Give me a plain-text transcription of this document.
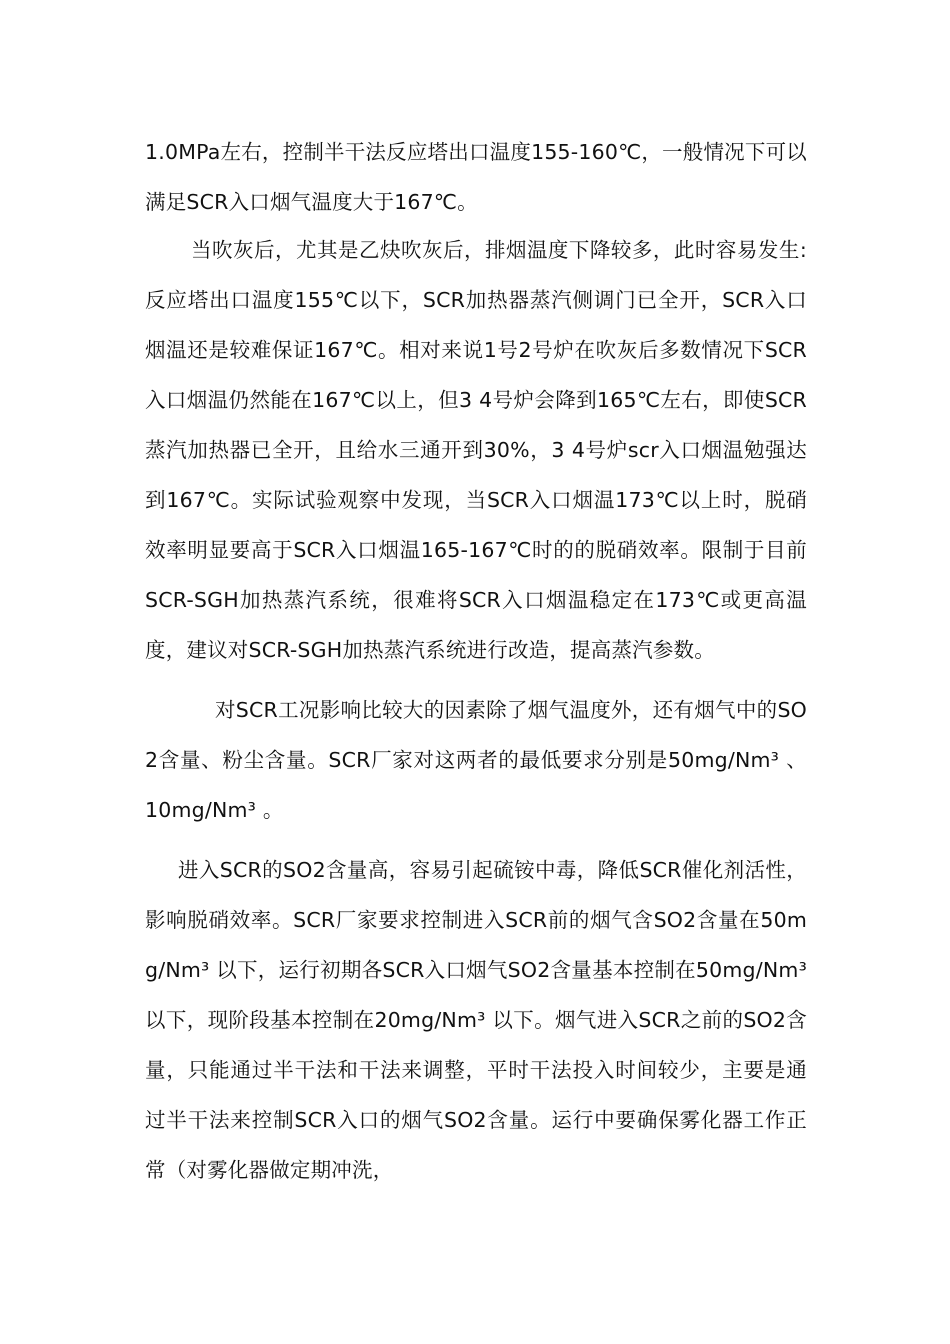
1.0MPa左右，控制半干法反应塔出口温度155-160℃，一般情况下可以满足SCR入口烟气温度大于167℃。

当吹灰后，尤其是乙炔吹灰后，排烟温度下降较多，此时容易发生:反应塔出口温度155℃以下，SCR加热器蒸汽侧调门已全开，SCR入口烟温还是较难保证167℃。相对来说1号2号炉在吹灰后多数情况下SCR入口烟温仍然能在167℃以上，但3 4号炉会降到165℃左右，即使SCR蒸汽加热器已全开，且给水三通开到30%，3 4号炉scr入口烟温勉强达到167℃。实际试验观察中发现，当SCR入口烟温173℃以上时，脱硝效率明显要高于SCR入口烟温165-167℃时的的脱硝效率。限制于目前SCR-SGH加热蒸汽系统，很难将SCR入口烟温稳定在173℃或更高温度，建议对SCR-SGH加热蒸汽系统进行改造，提高蒸汽参数。

对SCR工况影响比较大的因素除了烟气温度外，还有烟气中的SO2含量、粉尘含量。SCR厂家对这两者的最低要求分别是50mg/Nm³ 、10mg/Nm³ 。

进入SCR的SO2含量高，容易引起硫铵中毒，降低SCR催化剂活性，影响脱硝效率。SCR厂家要求控制进入SCR前的烟气含SO2含量在50mg/Nm³ 以下，运行初期各SCR入口烟气SO2含量基本控制在50mg/Nm³ 以下，现阶段基本控制在20mg/Nm³ 以下。烟气进入SCR之前的SO2含量，只能通过半干法和干法来调整，平时干法投入时间较少，主要是通过半干法来控制SCR入口的烟气SO2含量。运行中要确保雾化器工作正常（对雾化器做定期冲洗，
